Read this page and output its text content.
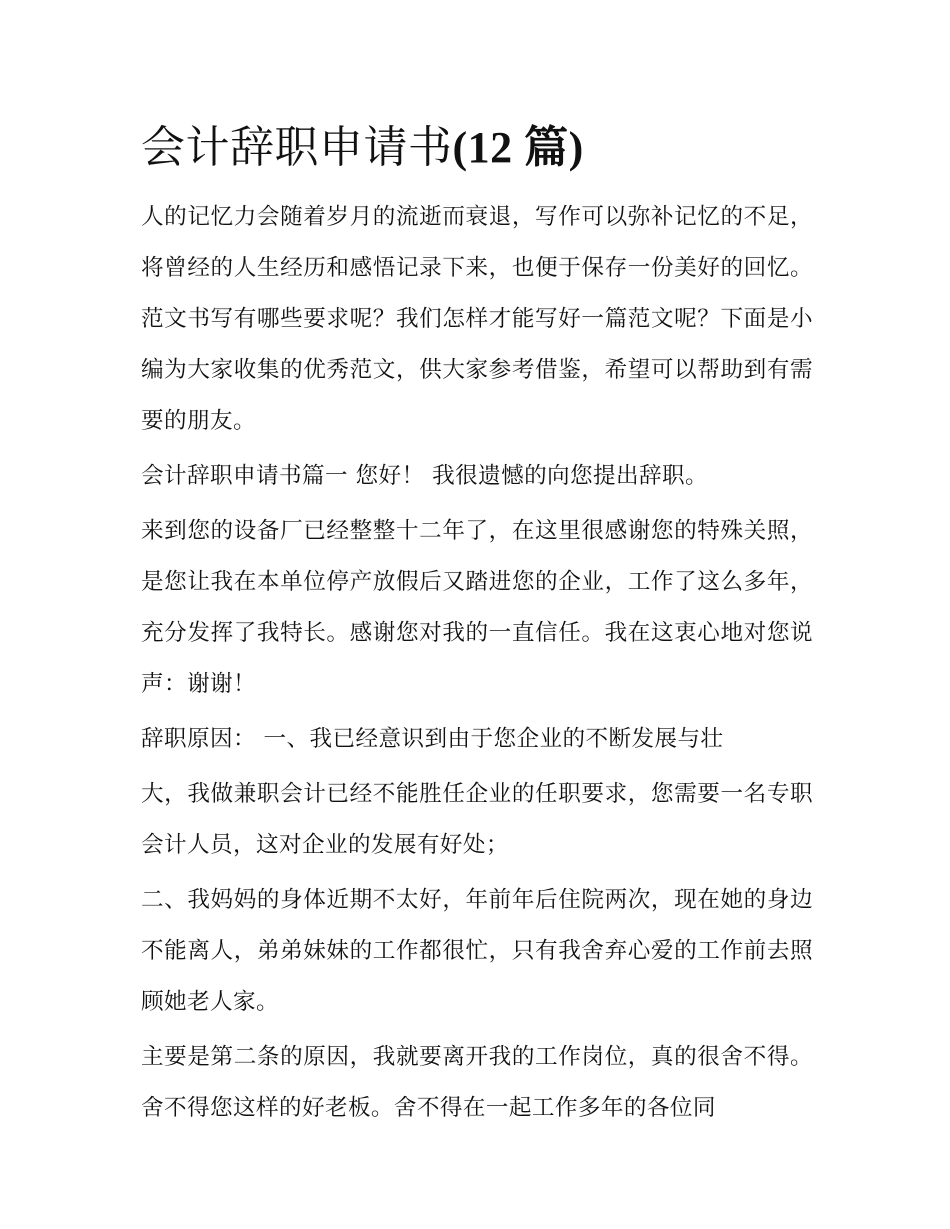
会计辞职申请书(12 篇)

人的记忆力会随着岁月的流逝而衰退，写作可以弥补记忆的不足，将曾经的人生经历和感悟记录下来，也便于保存一份美好的回忆。范文书写有哪些要求呢？我们怎样才能写好一篇范文呢？下面是小编为大家收集的优秀范文，供大家参考借鉴，希望可以帮助到有需要的朋友。

会计辞职申请书篇一 您好！ 我很遗憾的向您提出辞职。

来到您的设备厂已经整整十二年了，在这里很感谢您的特殊关照，是您让我在本单位停产放假后又踏进您的企业，工作了这么多年，充分发挥了我特长。感谢您对我的一直信任。我在这衷心地对您说声：谢谢！

辞职原因： 一、我已经意识到由于您企业的不断发展与壮

大，我做兼职会计已经不能胜任企业的任职要求，您需要一名专职会计人员，这对企业的发展有好处；

二、我妈妈的身体近期不太好，年前年后住院两次，现在她的身边不能离人，弟弟妹妹的工作都很忙，只有我舍弃心爱的工作前去照顾她老人家。

主要是第二条的原因，我就要离开我的工作岗位，真的很舍不得。舍不得您这样的好老板。舍不得在一起工作多年的各位同
